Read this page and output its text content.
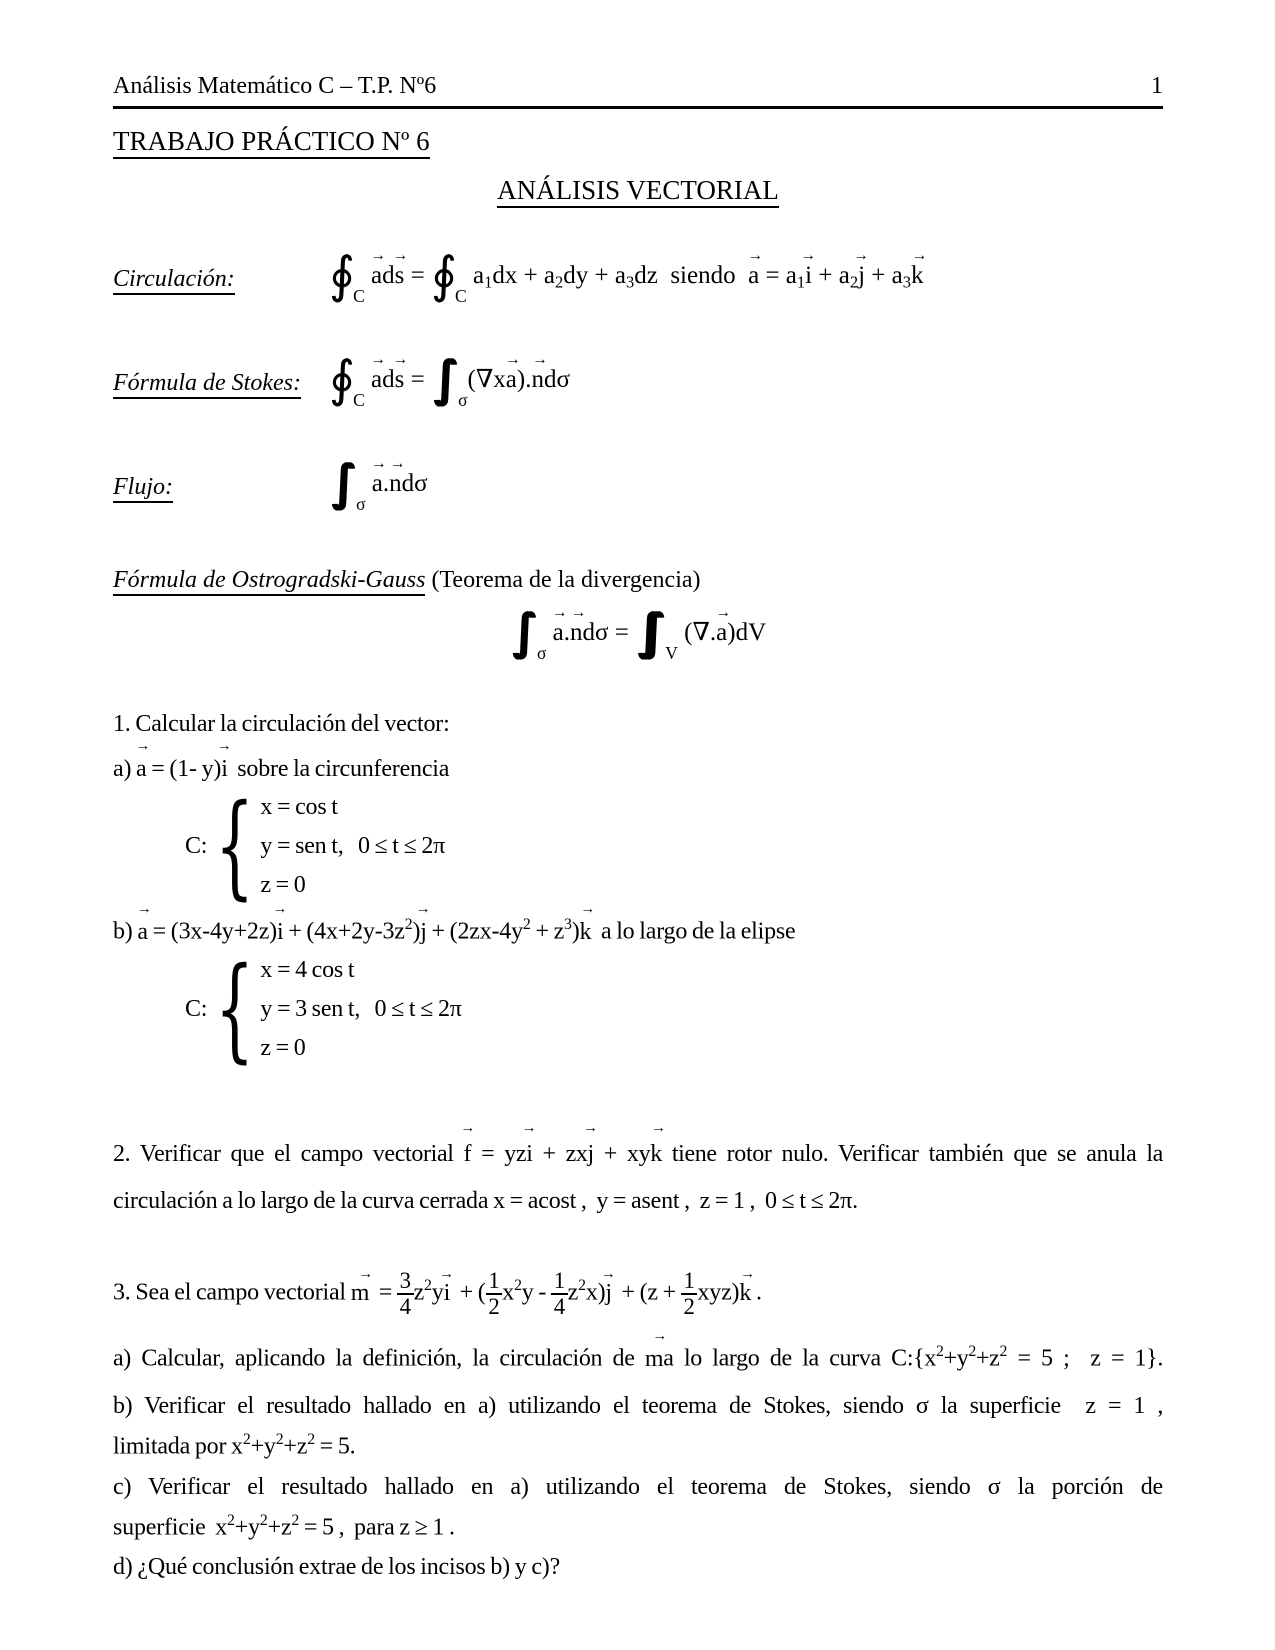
Análisis Matemático C – T.P. Nº6	1
TRABAJO PRÁCTICO Nº 6
ANÁLISIS VECTORIAL
Circulación:	$∮_C$
→
ad
→
$s = ∮_C$ a1dx + a2dy + a3dz  siendo
→
a = a1
→
i + a2
→
j + a3
→
k
Fórmula de Stokes: $∮_C$
→
ad
→
s = ∫∫ $_\sigma$(∇x
→
a).
→
ndσ
Flujo:	∫∫ $_\sigma$
→
a.
→
ndσ
Fórmula de Ostrogradski-Gauss (Teorema de la divergencia)
∫∫ $_\sigma$
→
a.
→
ndσ = ∫∫∫ $_V$ (∇.
→
a)dV
1. Calcular la circulación del vector:
a)
→
a = (1- y)
→
i  sobre la circunferencia
C: { x = cos t
y = sen t,   0 ≤ t ≤ 2π
z = 0
b)
→
a = (3x-4y+2z)
→
$i + (4x+2y-3z^2)$
→
$j + (2zx-4y^2 + z^3)$
→
k  a lo largo de la elipse
C: { x = 4 cos t
y = 3 sen t,   0 ≤ t ≤ 2π
z = 0
2. Verificar que el campo vectorial
→
f = yz
→
i + zx
→
j + xy
→
k tiene rotor nulo. Verificar también que se anula la
circulación a lo largo de la curva cerrada x = acost ,  y = asent ,  z = 1 ,  0 ≤ t ≤ 2π.
3. Sea el campo vectorial
→
$m = \frac{3}{4} z^2y$
→
i  + ( $\frac{1}{2} x^2y - \frac{1}{4} z^2x$)
→
$j + (z + \frac{1}{2} xyz)$
→
k .
a) Calcular, aplicando la definición, la circulación de
→
ma lo largo de la curva $C:\{x^2+y^2+z^2 = 5$ ;  z = 1}.
b) Verificar el resultado hallado en a) utilizando el teorema de Stokes, siendo σ la superficie  z = 1 ,
limitada por $x^2+y^2+z^2 = 5$.
c) Verificar el resultado hallado en a) utilizando el teorema de Stokes, siendo σ la porción de
superficie  $x^2+y^2+z^2 = 5$ ,  para z ≥ 1 .
d) ¿Qué conclusión extrae de los incisos b) y c)?
